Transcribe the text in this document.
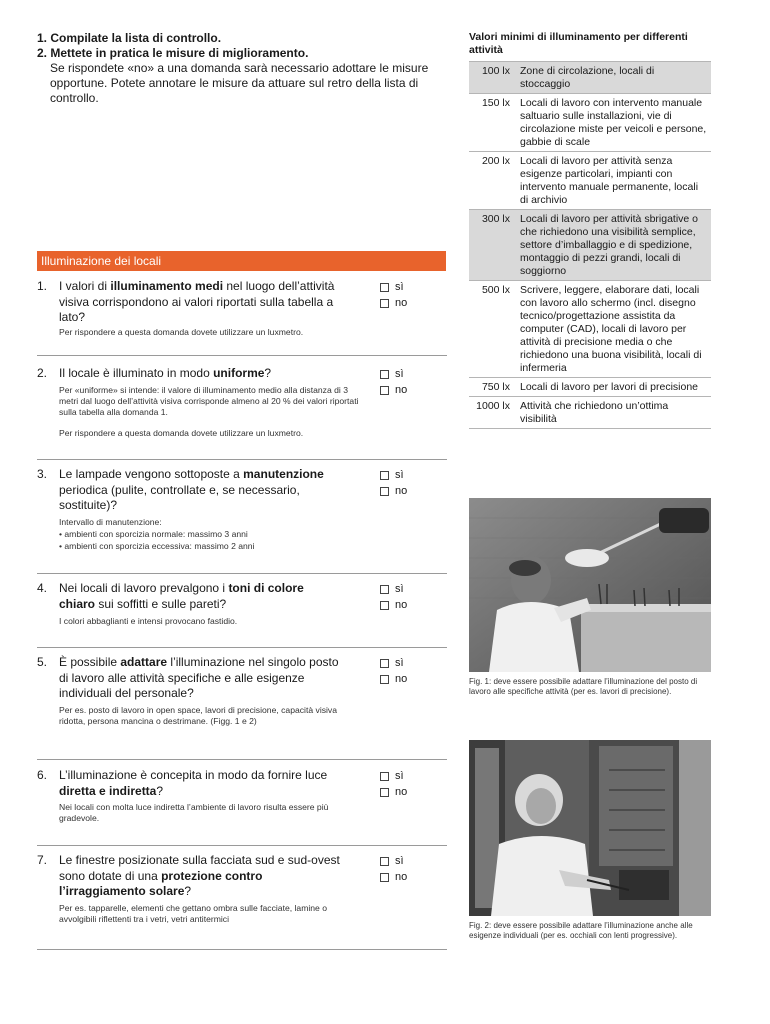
1. Compilate la lista di controllo.
2. Mettete in pratica le misure di miglioramento.
Se rispondete «no» a una domanda sarà necessario adottare le misure opportune. Potete annotare le misure da attuare sul retro della lista di controllo.
Illuminazione dei locali
1. I valori di illuminamento medi nel luogo dell’attività visiva corrispondono ai valori riportati sulla tabella a lato?
Per rispondere a questa domanda dovete utilizzare un luxmetro.
sì
no
2. Il locale è illuminato in modo uniforme?
Per «uniforme» si intende: il valore di illuminamento medio alla distanza di 3 metri dal luogo dell’attività visiva corrisponde almeno al 20 % dei valori riportati sulla tabella alla domanda 1.
Per rispondere a questa domanda dovete utilizzare un luxmetro.
sì
no
3. Le lampade vengono sottoposte a manutenzione periodica (pulite, controllate e, se necessario, sostituite)?
Intervallo di manutenzione:
• ambienti con sporcizia normale: massimo 3 anni
• ambienti con sporcizia eccessiva: massimo 2 anni
sì
no
4. Nei locali di lavoro prevalgono i toni di colore chiaro sui soffitti e sulle pareti?
I colori abbaglianti e intensi provocano fastidio.
sì
no
5. È possibile adattare l’illuminazione nel singolo posto di lavoro alle attività specifiche e alle esigenze individuali del personale?
Per es. posto di lavoro in open space, lavori di precisione, capacità visiva ridotta, persona mancina o destrimane. (Figg. 1 e 2)
sì
no
6. L’illuminazione è concepita in modo da fornire luce diretta e indiretta?
Nei locali con molta luce indiretta l’ambiente di lavoro risulta essere più gradevole.
sì
no
7. Le finestre posizionate sulla facciata sud e sud-ovest sono dotate di una protezione contro l’irraggiamento solare?
Per es. tapparelle, elementi che gettano ombra sulle facciate, lamine o avvolgibili riflettenti tra i vetri, vetri antitermici
sì
no
Valori minimi di illuminamento per differenti attività
100 lx Zone di circolazione, locali di stoccaggio
150 lx Locali di lavoro con intervento manuale saltuario sulle installazioni, vie di circolazione miste per veicoli e persone, gabbie di scale
200 lx Locali di lavoro per attività senza esigenze particolari, impianti con intervento manuale permanente, locali di archivio
300 lx Locali di lavoro per attività sbrigative o che richiedono una visibilità semplice, settore d’imballaggio e di spedizione, montaggio di pezzi grandi, locali di soggiorno
500 lx Scrivere, leggere, elaborare dati, locali con lavoro allo schermo (incl. disegno tecnico/progettazione assistita da computer (CAD), locali di lavoro per attività di precisione media o che richiedono una buona visibilità, locali di infermeria
750 lx Locali di lavoro per lavori di precisione
1000 lx Attività che richiedono un’ottima visibilità
Fig. 1: deve essere possibile adattare l’illuminazione del posto di lavoro alle specifiche attività (per es. lavori di precisione).
Fig. 2: deve essere possibile adattare l’illuminazione anche alle esigenze individuali (per es. occhiali con lenti progressive).
